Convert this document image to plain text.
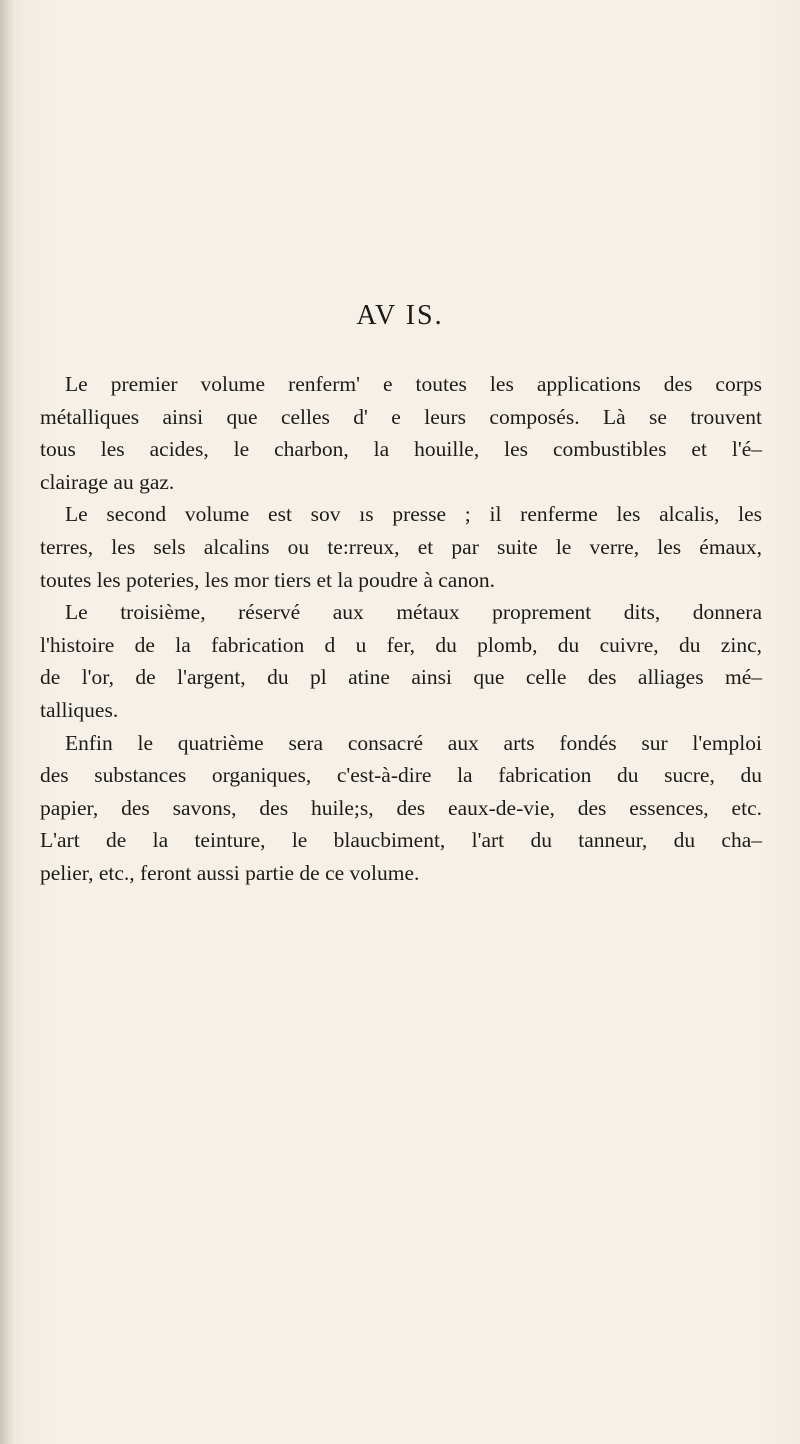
AV IS.

Le premier volume renferm' e toutes les applications des corps
métalliques ainsi que celles d' e leurs composés. Là se trouvent
tous les acides, le charbon, la houille, les combustibles et l'é–
clairage au gaz.

Le second volume est sov ıs presse ; il renferme les alcalis, les
terres, les sels alcalins ou te:rreux, et par suite le verre, les émaux,
toutes les poteries, les mor tiers et la poudre à canon.

Le troisième, réservé aux métaux proprement dits, donnera
l'histoire de la fabrication d u fer, du plomb, du cuivre, du zinc,
de l'or, de l'argent, du pl atine ainsi que celle des alliages mé–
talliques.

Enfin le quatrième sera consacré aux arts fondés sur l'emploi
des substances organiques, c'est-à-dire la fabrication du sucre, du
papier, des savons, des huile;s, des eaux-de-vie, des essences, etc.
L'art de la teinture, le blaucbiment, l'art du tanneur, du cha–
pelier, etc., feront aussi partie de ce volume.
